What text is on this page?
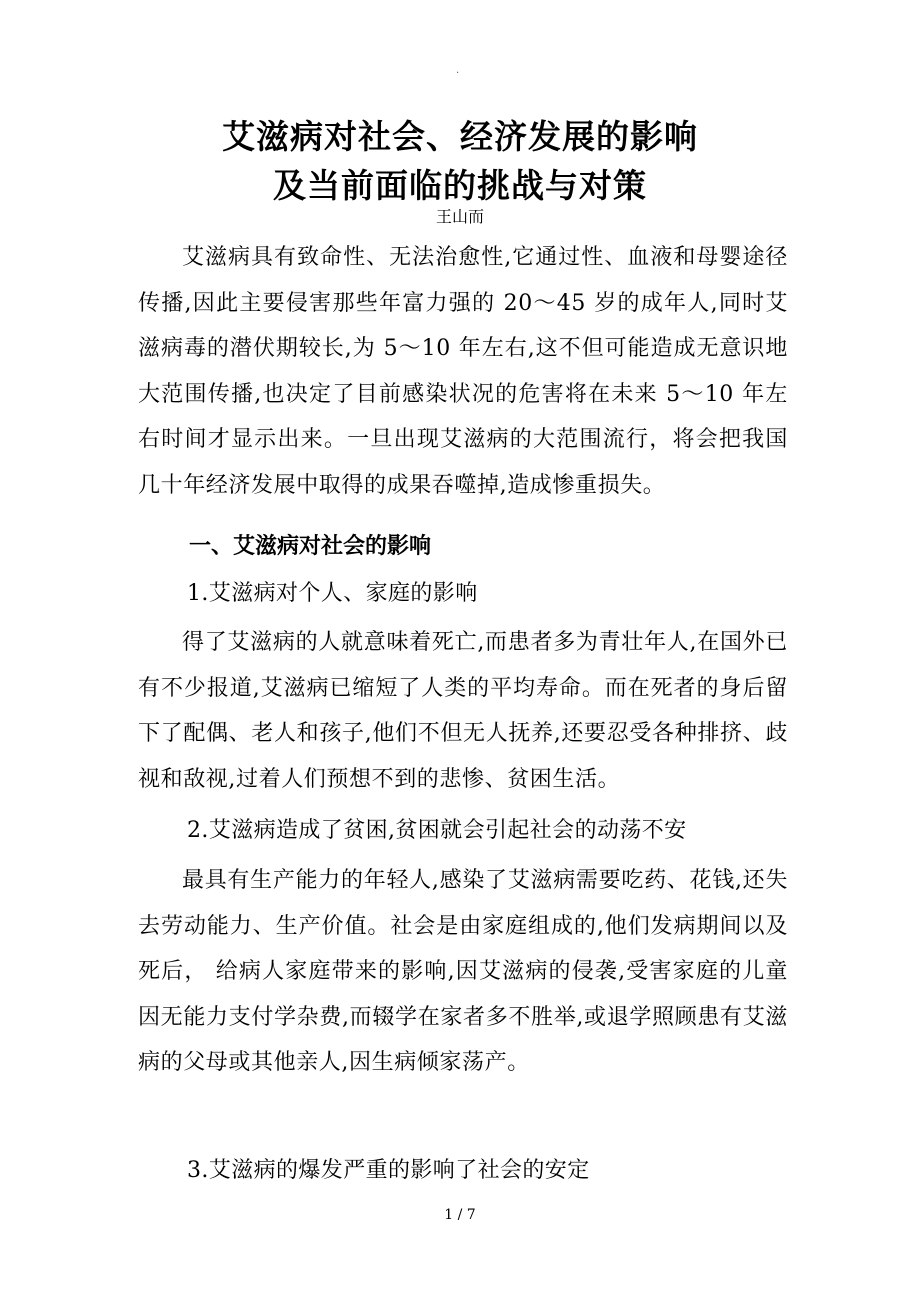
.
艾滋病对社会、经济发展的影响
及当前面临的挑战与对策
王山而

艾滋病具有致命性、无法治愈性,它通过性、血液和母婴途径传播,因此主要侵害那些年富力强的 20～45 岁的成年人,同时艾滋病毒的潜伏期较长,为 5～10 年左右,这不但可能造成无意识地大范围传播,也决定了目前感染状况的危害将在未来 5～10 年左右时间才显示出来。一旦出现艾滋病的大范围流行，将会把我国几十年经济发展中取得的成果吞噬掉,造成惨重损失。

一、艾滋病对社会的影响
1.艾滋病对个人、家庭的影响

得了艾滋病的人就意味着死亡,而患者多为青壮年人,在国外已有不少报道,艾滋病已缩短了人类的平均寿命。而在死者的身后留下了配偶、老人和孩子,他们不但无人抚养,还要忍受各种排挤、歧视和敌视,过着人们预想不到的悲惨、贫困生活。

2.艾滋病造成了贫困,贫困就会引起社会的动荡不安

最具有生产能力的年轻人,感染了艾滋病需要吃药、花钱,还失去劳动能力、生产价值。社会是由家庭组成的,他们发病期间以及死后， 给病人家庭带来的影响,因艾滋病的侵袭,受害家庭的儿童因无能力支付学杂费,而辍学在家者多不胜举,或退学照顾患有艾滋病的父母或其他亲人,因生病倾家荡产。

3.艾滋病的爆发严重的影响了社会的安定
1 / 7
